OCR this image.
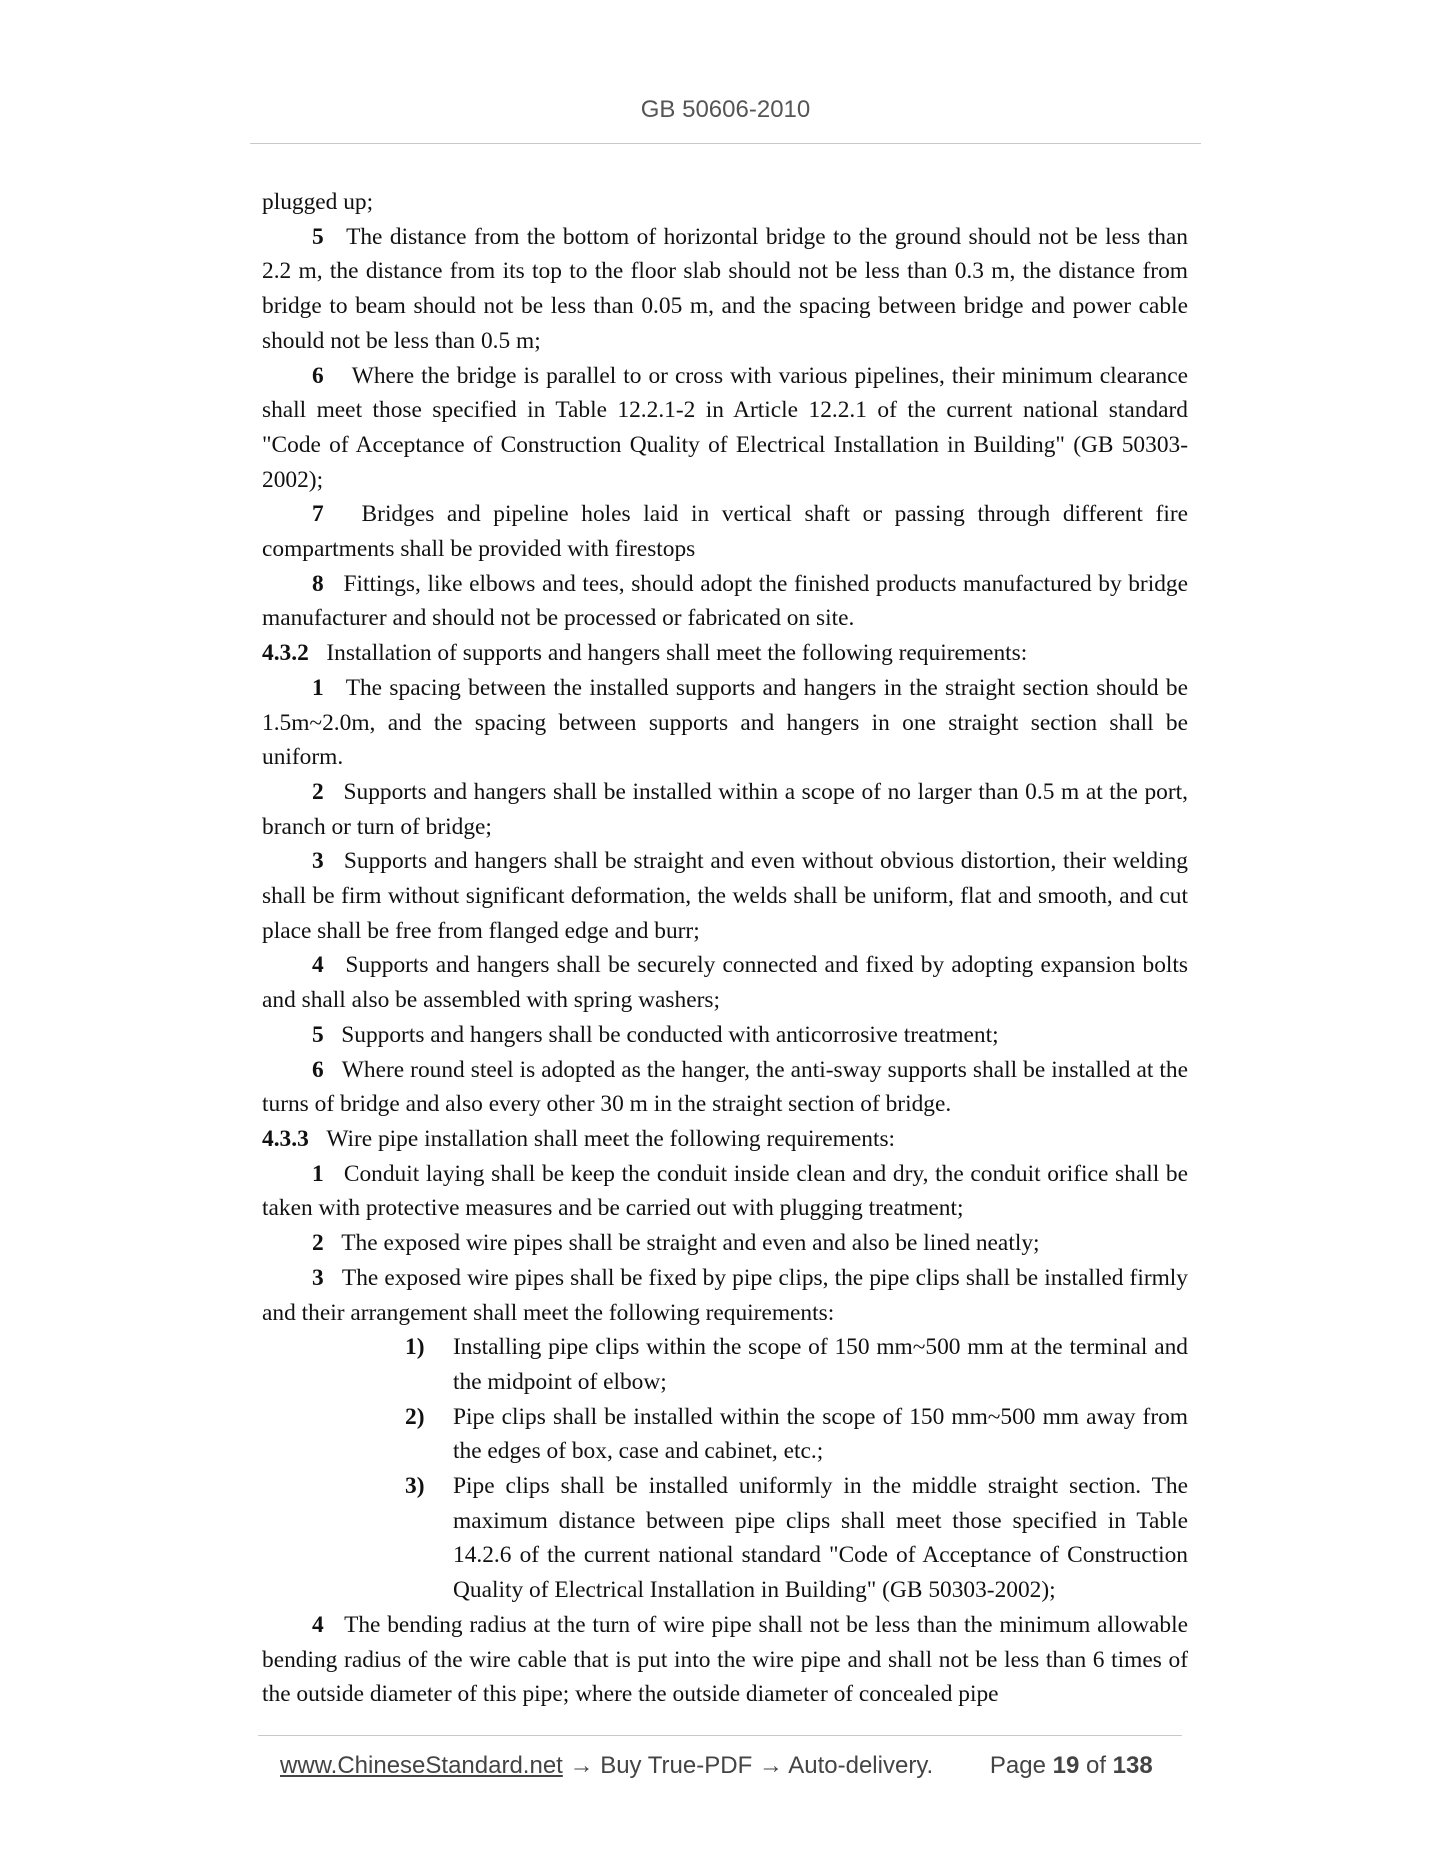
GB 50606-2010

plugged up;

5 The distance from the bottom of horizontal bridge to the ground should not be less than 2.2 m, the distance from its top to the floor slab should not be less than 0.3 m, the distance from bridge to beam should not be less than 0.05 m, and the spacing between bridge and power cable should not be less than 0.5 m;

6 Where the bridge is parallel to or cross with various pipelines, their minimum clearance shall meet those specified in Table 12.2.1-2 in Article 12.2.1 of the current national standard "Code of Acceptance of Construction Quality of Electrical Installation in Building" (GB 50303-2002);

7 Bridges and pipeline holes laid in vertical shaft or passing through different fire compartments shall be provided with firestops

8 Fittings, like elbows and tees, should adopt the finished products manufactured by bridge manufacturer and should not be processed or fabricated on site.

4.3.2 Installation of supports and hangers shall meet the following requirements:

1 The spacing between the installed supports and hangers in the straight section should be 1.5m~2.0m, and the spacing between supports and hangers in one straight section shall be uniform.

2 Supports and hangers shall be installed within a scope of no larger than 0.5 m at the port, branch or turn of bridge;

3 Supports and hangers shall be straight and even without obvious distortion, their welding shall be firm without significant deformation, the welds shall be uniform, flat and smooth, and cut place shall be free from flanged edge and burr;

4 Supports and hangers shall be securely connected and fixed by adopting expansion bolts and shall also be assembled with spring washers;

5 Supports and hangers shall be conducted with anticorrosive treatment;

6 Where round steel is adopted as the hanger, the anti-sway supports shall be installed at the turns of bridge and also every other 30 m in the straight section of bridge.

4.3.3 Wire pipe installation shall meet the following requirements:

1 Conduit laying shall be keep the conduit inside clean and dry, the conduit orifice shall be taken with protective measures and be carried out with plugging treatment;

2 The exposed wire pipes shall be straight and even and also be lined neatly;

3 The exposed wire pipes shall be fixed by pipe clips, the pipe clips shall be installed firmly and their arrangement shall meet the following requirements:

1) Installing pipe clips within the scope of 150 mm~500 mm at the terminal and the midpoint of elbow;

2) Pipe clips shall be installed within the scope of 150 mm~500 mm away from the edges of box, case and cabinet, etc.;

3) Pipe clips shall be installed uniformly in the middle straight section. The maximum distance between pipe clips shall meet those specified in Table 14.2.6 of the current national standard "Code of Acceptance of Construction Quality of Electrical Installation in Building" (GB 50303-2002);

4 The bending radius at the turn of wire pipe shall not be less than the minimum allowable bending radius of the wire cable that is put into the wire pipe and shall not be less than 6 times of the outside diameter of this pipe; where the outside diameter of concealed pipe

www.ChineseStandard.net → Buy True-PDF → Auto-delivery. Page 19 of 138
